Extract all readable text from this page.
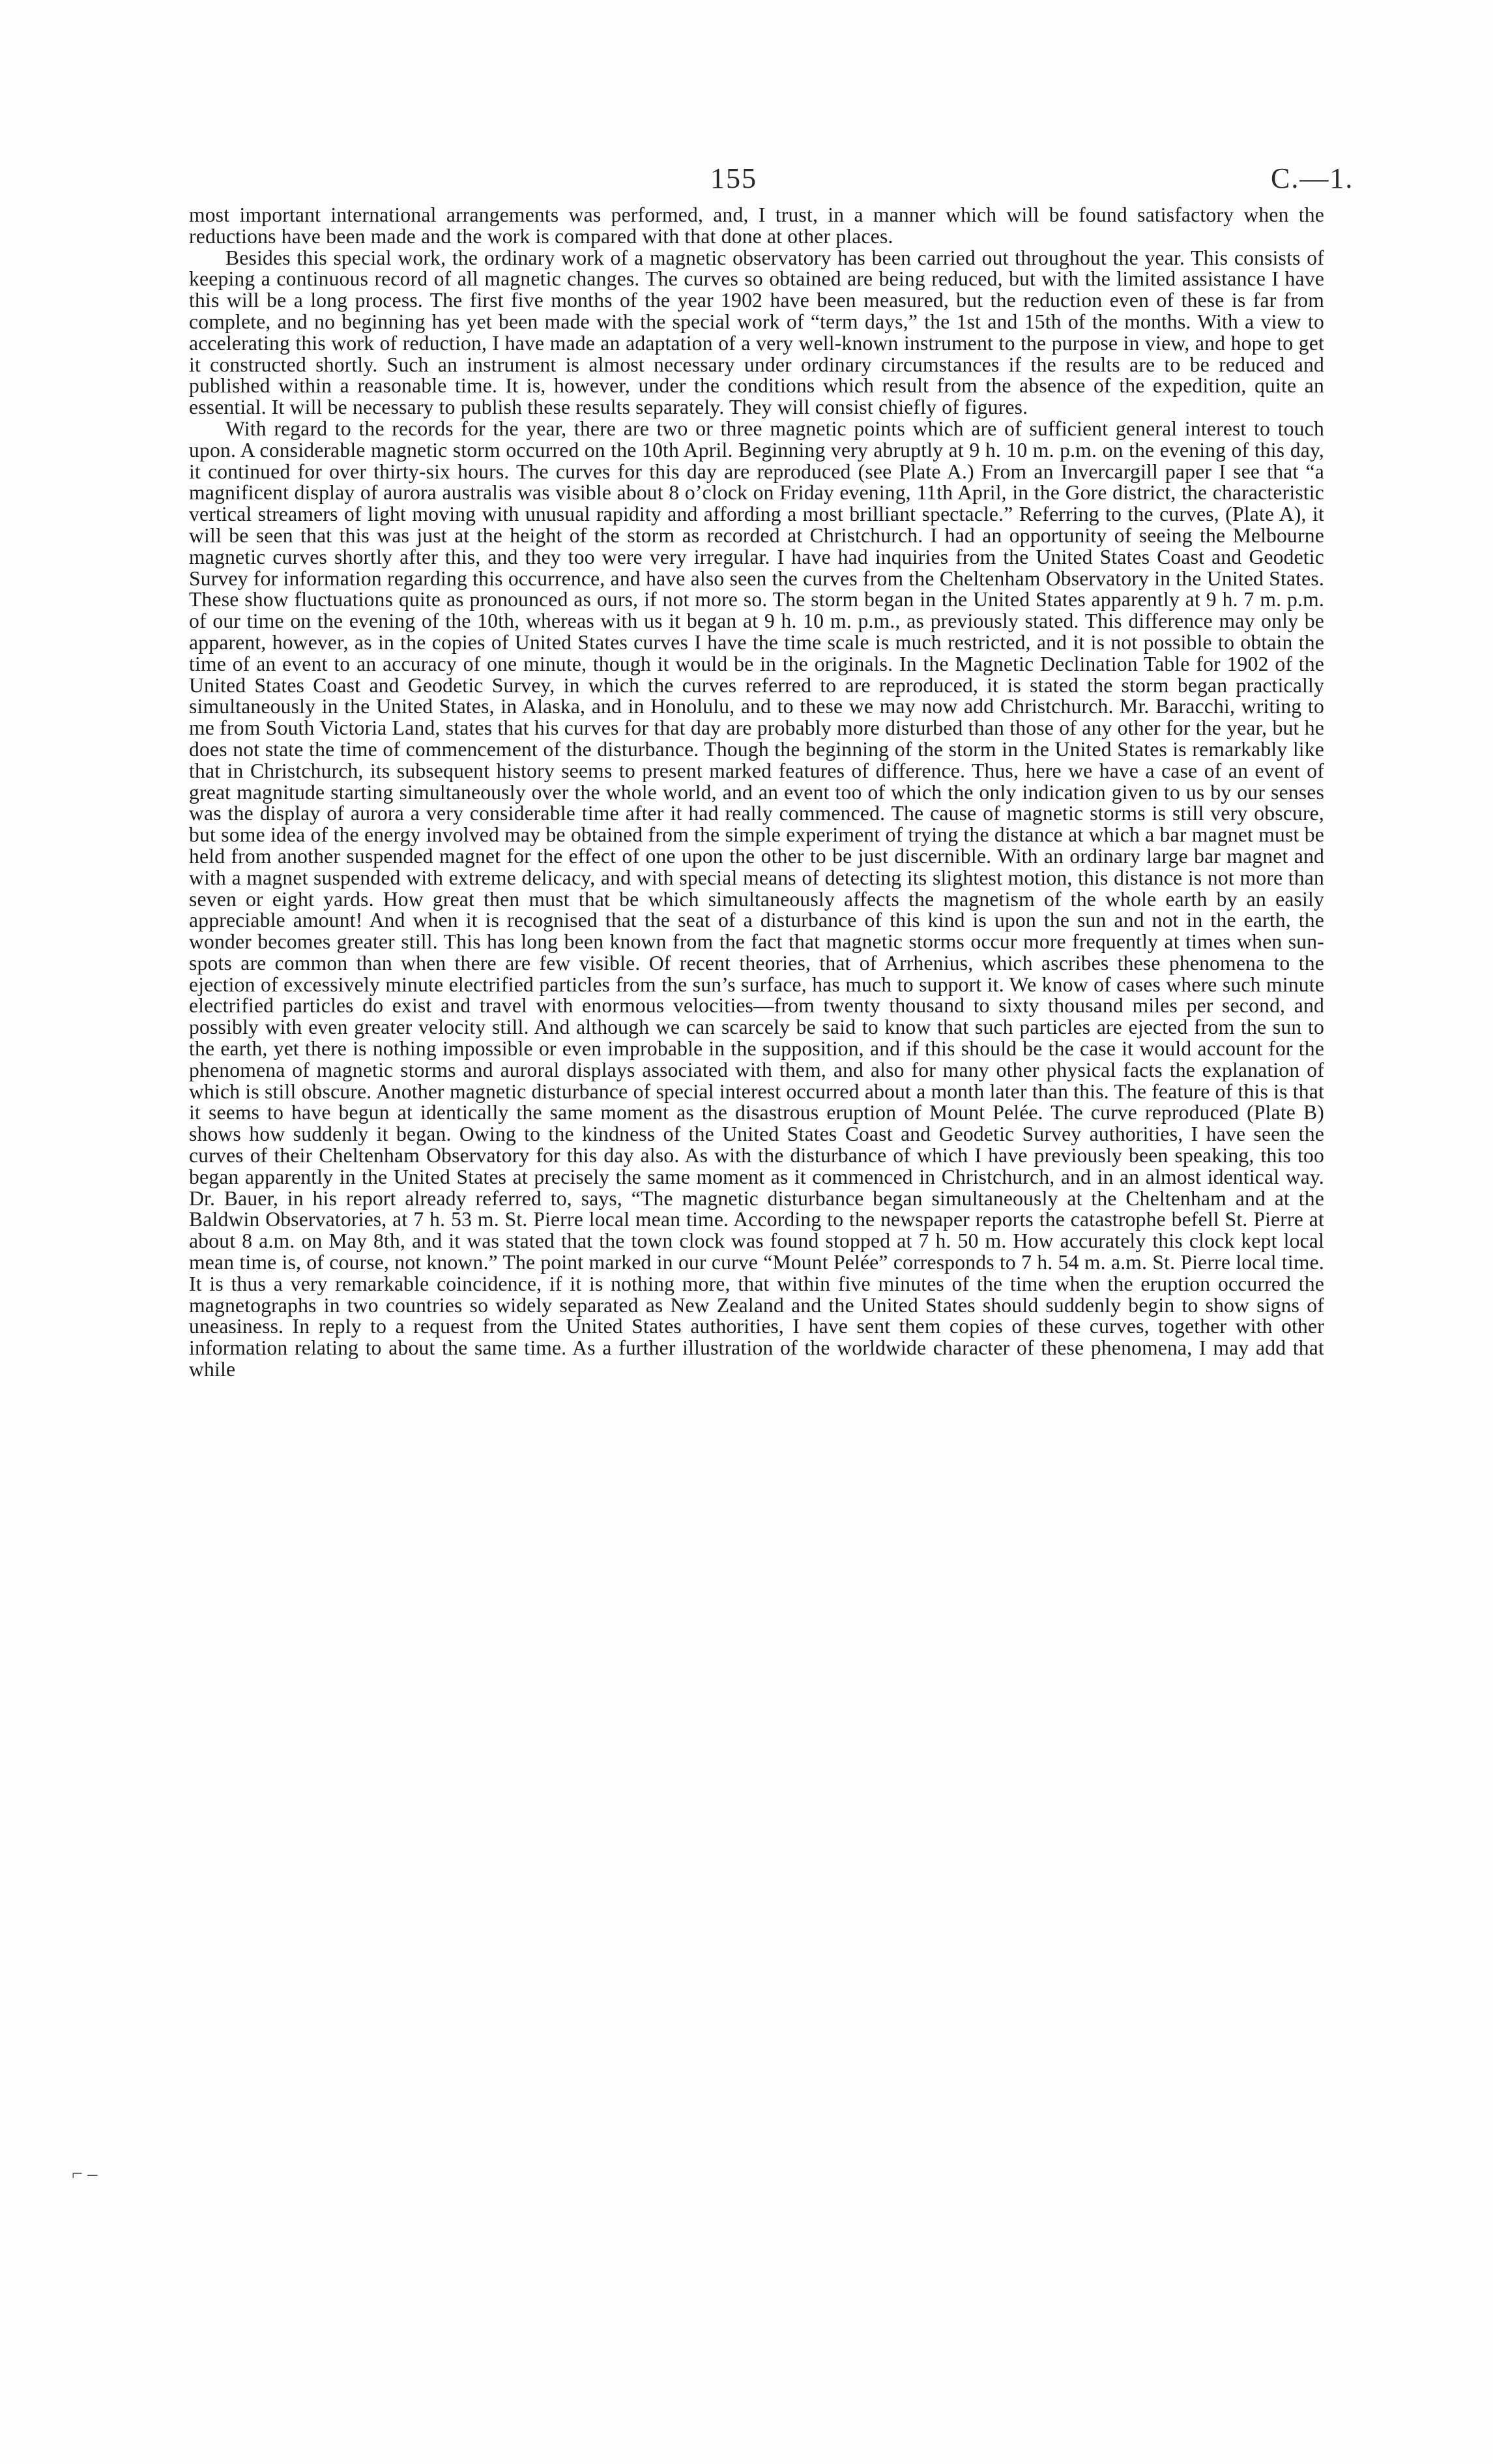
155	C.—1.

most important international arrangements was performed, and, I trust, in a manner which will be found satisfactory when the reductions have been made and the work is compared with that done at other places.

Besides this special work, the ordinary work of a magnetic observatory has been carried out throughout the year. This consists of keeping a continuous record of all magnetic changes. The curves so obtained are being reduced, but with the limited assistance I have this will be a long process. The first five months of the year 1902 have been measured, but the reduction even of these is far from complete, and no beginning has yet been made with the special work of “term days,” the 1st and 15th of the months. With a view to accelerating this work of reduction, I have made an adaptation of a very well-known instrument to the purpose in view, and hope to get it constructed shortly. Such an instrument is almost necessary under ordinary circumstances if the results are to be reduced and published within a reasonable time. It is, however, under the conditions which result from the absence of the expedition, quite an essential. It will be necessary to publish these results separately. They will consist chiefly of figures.

With regard to the records for the year, there are two or three magnetic points which are of sufficient general interest to touch upon. A considerable magnetic storm occurred on the 10th April. Beginning very abruptly at 9 h. 10 m. p.m. on the evening of this day, it continued for over thirty-six hours. The curves for this day are reproduced (see Plate A.) From an Invercargill paper I see that “a magnificent display of aurora australis was visible about 8 o’clock on Friday evening, 11th April, in the Gore district, the characteristic vertical streamers of light moving with unusual rapidity and affording a most brilliant spectacle.” Referring to the curves, (Plate A), it will be seen that this was just at the height of the storm as recorded at Christchurch. I had an opportunity of seeing the Melbourne magnetic curves shortly after this, and they too were very irregular. I have had inquiries from the United States Coast and Geodetic Survey for information regarding this occurrence, and have also seen the curves from the Cheltenham Observatory in the United States. These show fluctuations quite as pronounced as ours, if not more so. The storm began in the United States apparently at 9 h. 7 m. p.m. of our time on the evening of the 10th, whereas with us it began at 9 h. 10 m. p.m., as previously stated. This difference may only be apparent, however, as in the copies of United States curves I have the time scale is much restricted, and it is not possible to obtain the time of an event to an accuracy of one minute, though it would be in the originals. In the Magnetic Declination Table for 1902 of the United States Coast and Geodetic Survey, in which the curves referred to are reproduced, it is stated the storm began practically simultaneously in the United States, in Alaska, and in Honolulu, and to these we may now add Christchurch. Mr. Baracchi, writing to me from South Victoria Land, states that his curves for that day are probably more disturbed than those of any other for the year, but he does not state the time of commencement of the disturbance. Though the beginning of the storm in the United States is remarkably like that in Christchurch, its subsequent history seems to present marked features of difference. Thus, here we have a case of an event of great magnitude starting simultaneously over the whole world, and an event too of which the only indication given to us by our senses was the display of aurora a very considerable time after it had really commenced. The cause of magnetic storms is still very obscure, but some idea of the energy involved may be obtained from the simple experiment of trying the distance at which a bar magnet must be held from another suspended magnet for the effect of one upon the other to be just discernible. With an ordinary large bar magnet and with a magnet suspended with extreme delicacy, and with special means of detecting its slightest motion, this distance is not more than seven or eight yards. How great then must that be which simultaneously affects the magnetism of the whole earth by an easily appreciable amount! And when it is recognised that the seat of a disturbance of this kind is upon the sun and not in the earth, the wonder becomes greater still. This has long been known from the fact that magnetic storms occur more frequently at times when sun-spots are common than when there are few visible. Of recent theories, that of Arrhenius, which ascribes these phenomena to the ejection of excessively minute electrified particles from the sun’s surface, has much to support it. We know of cases where such minute electrified particles do exist and travel with enormous velocities—from twenty thousand to sixty thousand miles per second, and possibly with even greater velocity still. And although we can scarcely be said to know that such particles are ejected from the sun to the earth, yet there is nothing impossible or even improbable in the supposition, and if this should be the case it would account for the phenomena of magnetic storms and auroral displays associated with them, and also for many other physical facts the explanation of which is still obscure. Another magnetic disturbance of special interest occurred about a month later than this. The feature of this is that it seems to have begun at identically the same moment as the disastrous eruption of Mount Pelée. The curve reproduced (Plate B) shows how suddenly it began. Owing to the kindness of the United States Coast and Geodetic Survey authorities, I have seen the curves of their Cheltenham Observatory for this day also. As with the disturbance of which I have previously been speaking, this too began apparently in the United States at precisely the same moment as it commenced in Christchurch, and in an almost identical way. Dr. Bauer, in his report already referred to, says, “The magnetic disturbance began simultaneously at the Cheltenham and at the Baldwin Observatories, at 7 h. 53 m. St. Pierre local mean time. According to the newspaper reports the catastrophe befell St. Pierre at about 8 a.m. on May 8th, and it was stated that the town clock was found stopped at 7 h. 50 m. How accurately this clock kept local mean time is, of course, not known.” The point marked in our curve “Mount Pelée” corresponds to 7 h. 54 m. a.m. St. Pierre local time. It is thus a very remarkable coincidence, if it is nothing more, that within five minutes of the time when the eruption occurred the magnetographs in two countries so widely separated as New Zealand and the United States should suddenly begin to show signs of uneasiness. In reply to a request from the United States authorities, I have sent them copies of these curves, together with other information relating to about the same time. As a further illustration of the worldwide character of these phenomena, I may add that while

⌐ ‒
